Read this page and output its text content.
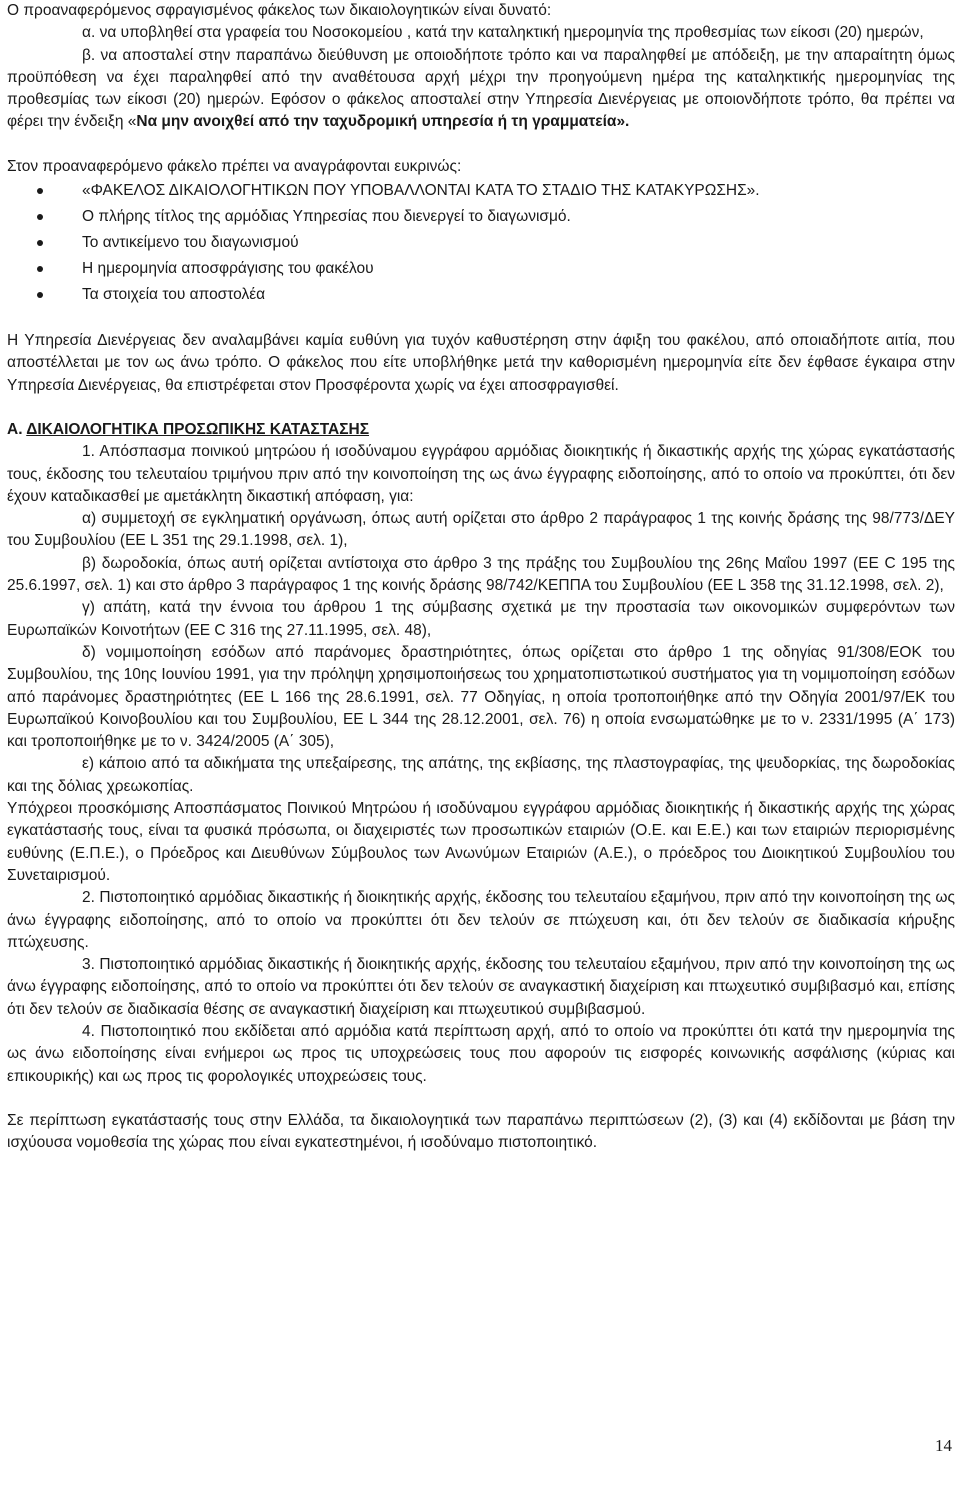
Ο προαναφερόμενος σφραγισμένος φάκελος των δικαιολογητικών είναι δυνατό:

α. να υποβληθεί στα γραφεία του Νοσοκομείου , κατά την καταληκτική ημερομηνία της προθεσμίας των είκοσι (20) ημερών,

β. να αποσταλεί στην παραπάνω διεύθυνση με οποιοδήποτε τρόπο και να παραληφθεί με απόδειξη, με την απαραίτητη όμως προϋπόθεση να έχει παραληφθεί από την αναθέτουσα αρχή μέχρι την προηγούμενη ημέρα της καταληκτικής ημερομηνίας της προθεσμίας των είκοσι (20) ημερών. Εφόσον ο φάκελος αποσταλεί στην Υπηρεσία Διενέργειας με οποιονδήποτε τρόπο, θα πρέπει να φέρει την ένδειξη «Να μην ανοιχθεί από την ταχυδρομική υπηρεσία ή τη γραμματεία».

Στον προαναφερόμενο φάκελο πρέπει να αναγράφονται ευκρινώς:

«ΦΑΚΕΛΟΣ ΔΙΚΑΙΟΛΟΓΗΤΙΚΩΝ ΠΟΥ ΥΠΟΒΑΛΛΟΝΤΑΙ ΚΑΤΑ ΤΟ ΣΤΑΔΙΟ ΤΗΣ ΚΑΤΑΚΥΡΩΣΗΣ».
Ο πλήρης τίτλος της αρμόδιας Υπηρεσίας που διενεργεί το διαγωνισμό.
Το αντικείμενο του διαγωνισμού
Η ημερομηνία αποσφράγισης του φακέλου
Τα στοιχεία του αποστολέα

Η Υπηρεσία Διενέργειας δεν αναλαμβάνει καμία ευθύνη για τυχόν καθυστέρηση στην άφιξη του φακέλου, από οποιαδήποτε αιτία, που αποστέλλεται με τον ως άνω τρόπο. Ο φάκελος που είτε υποβλήθηκε μετά την καθορισμένη ημερομηνία είτε δεν έφθασε έγκαιρα στην Υπηρεσία Διενέργειας, θα επιστρέφεται στον Προσφέροντα χωρίς να έχει αποσφραγισθεί.

Α. ΔΙΚΑΙΟΛΟΓΗΤΙΚΑ ΠΡΟΣΩΠΙΚΗΣ ΚΑΤΑΣΤΑΣΗΣ

1. Απόσπασμα ποινικού μητρώου ή ισοδύναμου εγγράφου αρμόδιας διοικητικής ή δικαστικής αρχής της χώρας εγκατάστασής τους, έκδοσης του τελευταίου τριμήνου πριν από την κοινοποίηση της ως άνω έγγραφης ειδοποίησης, από το οποίο να προκύπτει, ότι δεν έχουν καταδικασθεί με αμετάκλητη δικαστική απόφαση, για:

α) συμμετοχή σε εγκληματική οργάνωση, όπως αυτή ορίζεται στο άρθρο 2 παράγραφος 1 της κοινής δράσης της 98/773/ΔΕΥ του Συμβουλίου (ΕΕ L 351 της 29.1.1998, σελ. 1),

β) δωροδοκία, όπως αυτή ορίζεται αντίστοιχα στο άρθρο 3 της πράξης του Συμβουλίου της 26ης Μαΐου 1997 (ΕΕ C 195 της 25.6.1997, σελ. 1) και στο άρθρο 3 παράγραφος 1 της κοινής δράσης 98/742/ΚΕΠΠΑ του Συμβουλίου (ΕΕ L 358 της 31.12.1998, σελ. 2),

γ) απάτη, κατά την έννοια του άρθρου 1 της σύμβασης σχετικά με την προστασία των οικονομικών συμφερόντων των Ευρωπαϊκών Κοινοτήτων (ΕΕ C 316 της 27.11.1995, σελ. 48),

δ) νομιμοποίηση εσόδων από παράνομες δραστηριότητες, όπως ορίζεται στο άρθρο 1 της οδηγίας 91/308/ΕΟΚ του Συμβουλίου, της 10ης Ιουνίου 1991, για την πρόληψη χρησιμοποιήσεως του χρηματοπιστωτικού συστήματος για τη νομιμοποίηση εσόδων από παράνομες δραστηριότητες (ΕΕ L 166 της 28.6.1991, σελ. 77 Οδηγίας, η οποία τροποποιήθηκε από την Οδηγία 2001/97/ΕΚ του Ευρωπαϊκού Κοινοβουλίου και του Συμβουλίου, ΕΕ L 344 της 28.12.2001, σελ. 76) η οποία ενσωματώθηκε με το ν. 2331/1995 (Α΄ 173) και τροποποιήθηκε με το ν. 3424/2005 (Α΄ 305),

ε) κάποιο από τα αδικήματα της υπεξαίρεσης, της απάτης, της εκβίασης, της πλαστογραφίας, της ψευδορκίας, της δωροδοκίας και της δόλιας χρεωκοπίας.

Υπόχρεοι προσκόμισης Αποσπάσματος Ποινικού Μητρώου ή ισοδύναμου εγγράφου αρμόδιας διοικητικής ή δικαστικής αρχής της χώρας εγκατάστασής τους, είναι τα φυσικά πρόσωπα, οι διαχειριστές των προσωπικών εταιριών (Ο.Ε. και Ε.Ε.) και των εταιριών περιορισμένης ευθύνης (Ε.Π.Ε.), ο Πρόεδρος και Διευθύνων Σύμβουλος των Ανωνύμων Εταιριών (Α.Ε.), ο πρόεδρος του Διοικητικού Συμβουλίου του Συνεταιρισμού.

2. Πιστοποιητικό αρμόδιας δικαστικής ή διοικητικής αρχής, έκδοσης του τελευταίου εξαμήνου, πριν από την κοινοποίηση της ως άνω έγγραφης ειδοποίησης, από το οποίο να προκύπτει ότι δεν τελούν σε πτώχευση και, ότι δεν τελούν σε διαδικασία κήρυξης πτώχευσης.

3. Πιστοποιητικό αρμόδιας δικαστικής ή διοικητικής αρχής, έκδοσης του τελευταίου εξαμήνου, πριν από την κοινοποίηση της ως άνω έγγραφης ειδοποίησης, από το οποίο να προκύπτει ότι δεν τελούν σε αναγκαστική διαχείριση και πτωχευτικό συμβιβασμό και, επίσης ότι δεν τελούν σε διαδικασία θέσης σε αναγκαστική διαχείριση και πτωχευτικού συμβιβασμού.

4. Πιστοποιητικό που εκδίδεται από αρμόδια κατά περίπτωση αρχή, από το οποίο να προκύπτει ότι κατά την ημερομηνία της ως άνω ειδοποίησης είναι ενήμεροι ως προς τις υποχρεώσεις τους που αφορούν τις εισφορές κοινωνικής ασφάλισης (κύριας και επικουρικής) και ως προς τις φορολογικές υποχρεώσεις τους.

Σε περίπτωση εγκατάστασής τους στην Ελλάδα, τα δικαιολογητικά των παραπάνω περιπτώσεων (2), (3) και (4) εκδίδονται με βάση την ισχύουσα νομοθεσία της χώρας που είναι εγκατεστημένοι, ή ισοδύναμο πιστοποιητικό.

14
